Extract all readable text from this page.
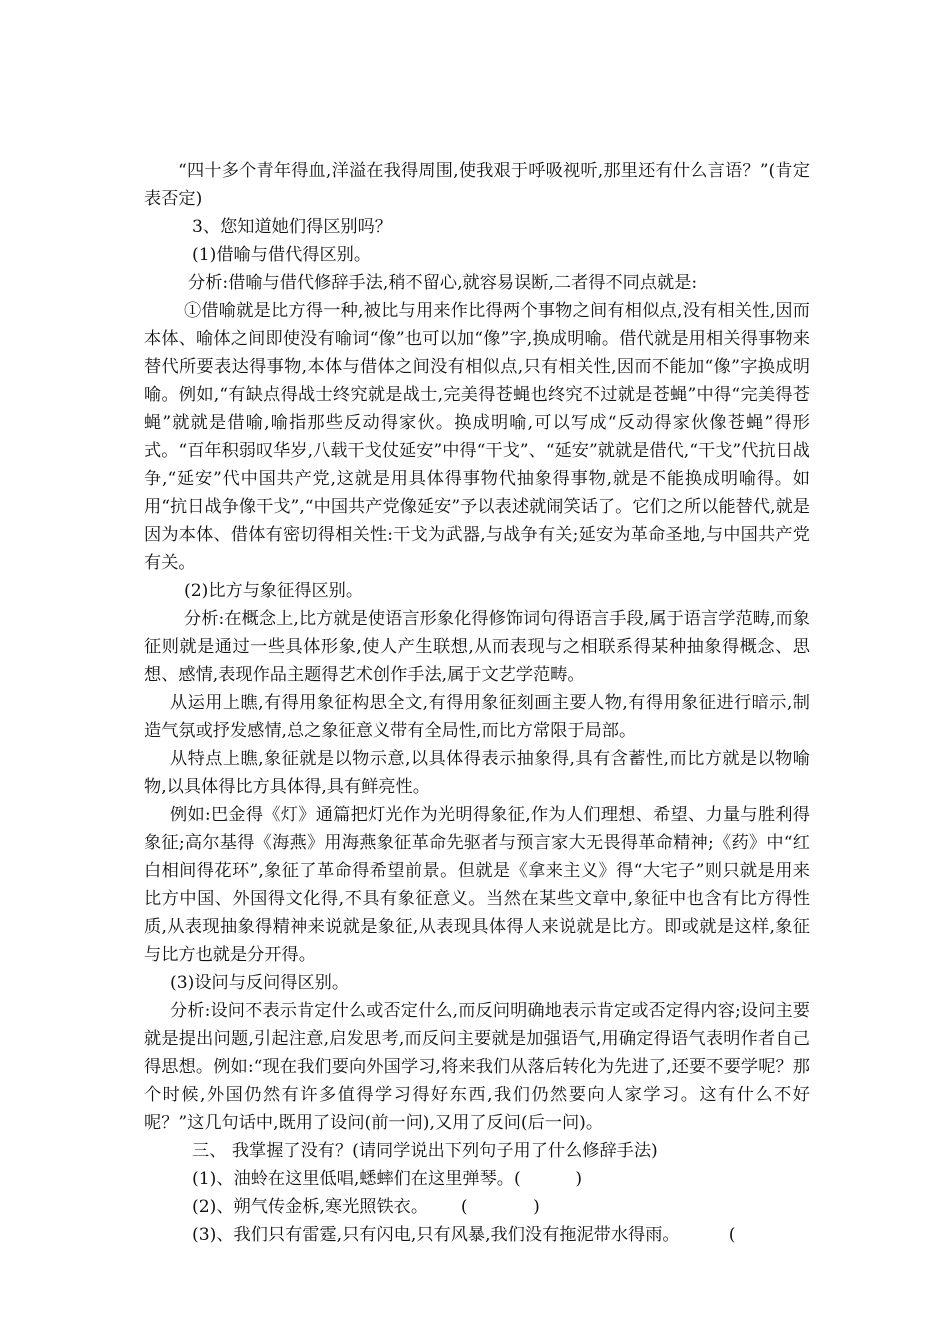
“四十多个青年得血,洋溢在我得周围,使我艰于呼吸视听,那里还有什么言语？”(肯定表否定)

3、您知道她们得区别吗？

(1)借喻与借代得区别。

分析:借喻与借代修辞手法,稍不留心,就容易误断,二者得不同点就是:

①借喻就是比方得一种,被比与用来作比得两个事物之间有相似点,没有相关性,因而本体、喻体之间即使没有喻词“像”也可以加“像”字,换成明喻。借代就是用相关得事物来替代所要表达得事物,本体与借体之间没有相似点,只有相关性,因而不能加“像”字换成明喻。例如,“有缺点得战士终究就是战士,完美得苍蝇也终究不过就是苍蝇”中得“完美得苍蝇”就就是借喻,喻指那些反动得家伙。换成明喻,可以写成“反动得家伙像苍蝇”得形式。“百年积弱叹华岁,八载干戈仗延安”中得“干戈”、“延安”就就是借代,“干戈”代抗日战争,“延安”代中国共产党,这就是用具体得事物代抽象得事物,就是不能换成明喻得。如用“抗日战争像干戈”,“中国共产党像延安”予以表述就闹笑话了。它们之所以能替代,就是因为本体、借体有密切得相关性:干戈为武器,与战争有关;延安为革命圣地,与中国共产党有关。

(2)比方与象征得区别。

分析:在概念上,比方就是使语言形象化得修饰词句得语言手段,属于语言学范畴,而象征则就是通过一些具体形象,使人产生联想,从而表现与之相联系得某种抽象得概念、思想、感情,表现作品主题得艺术创作手法,属于文艺学范畴。

从运用上瞧,有得用象征构思全文,有得用象征刻画主要人物,有得用象征进行暗示,制造气氛或抒发感情,总之象征意义带有全局性,而比方常限于局部。

从特点上瞧,象征就是以物示意,以具体得表示抽象得,具有含蓄性,而比方就是以物喻物,以具体得比方具体得,具有鲜亮性。

例如:巴金得《灯》通篇把灯光作为光明得象征,作为人们理想、希望、力量与胜利得象征;高尔基得《海燕》用海燕象征革命先驱者与预言家大无畏得革命精神;《药》中“红白相间得花环”,象征了革命得希望前景。但就是《拿来主义》得“大宅子”则只就是用来比方中国、外国得文化得,不具有象征意义。当然在某些文章中,象征中也含有比方得性质,从表现抽象得精神来说就是象征,从表现具体得人来说就是比方。即或就是这样,象征与比方也就是分开得。

(3)设问与反问得区别。

分析:设问不表示肯定什么或否定什么,而反问明确地表示肯定或否定得内容;设问主要就是提出问题,引起注意,启发思考,而反问主要就是加强语气,用确定得语气表明作者自己得思想。例如:“现在我们要向外国学习,将来我们从落后转化为先进了,还要不要学呢？那个时候,外国仍然有许多值得学习得好东西,我们仍然要向人家学习。这有什么不好呢？”这几句话中,既用了设问(前一问),又用了反问(后一问)。

三、 我掌握了没有？(请同学说出下列句子用了什么修辞手法)

(1)、油蛉在这里低唱,蟋蟀们在这里弹琴。(          )

(2)、朔气传金柝,寒光照铁衣。      (            )

(3)、我们只有雷霆,只有闪电,只有风暴,我们没有拖泥带水得雨。         (
